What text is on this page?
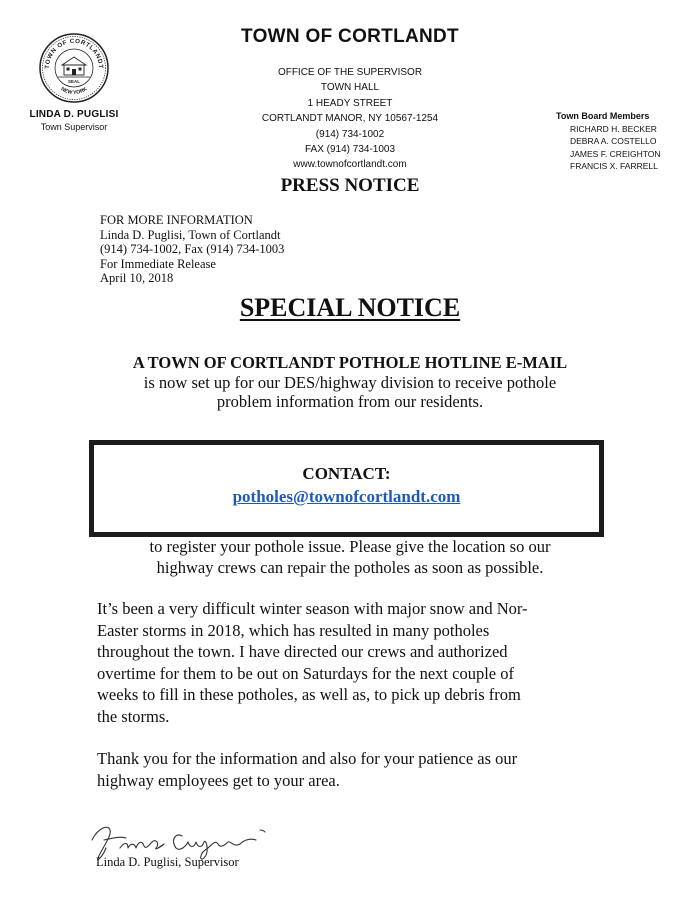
TOWN OF CORTLANDT
NEW YORK
SEAL
LINDA D. PUGLISI
Town Supervisor
TOWN OF CORTLANDT
OFFICE OF THE SUPERVISOR
TOWN HALL
1 HEADY STREET
CORTLANDT MANOR, NY 10567-1254
(914) 734-1002
FAX (914) 734-1003
www.townofcortlandt.com
Town Board Members
RICHARD H. BECKER
DEBRA A. COSTELLO
JAMES F. CREIGHTON
FRANCIS X. FARRELL
PRESS NOTICE
FOR MORE INFORMATION
Linda D. Puglisi, Town of Cortlandt
(914) 734-1002, Fax (914) 734-1003
For Immediate Release
April 10, 2018
SPECIAL NOTICE
A TOWN OF CORTLANDT POTHOLE HOTLINE E-MAIL
is now set up for our DES/highway division to receive pothole
problem information from our residents.
CONTACT:
potholes@townofcortlandt.com
to register your pothole issue. Please give the location so our
highway crews can repair the potholes as soon as possible.
It’s been a very difficult winter season with major snow and Nor-
Easter storms in 2018, which has resulted in many potholes
throughout the town. I have directed our crews and authorized
overtime for them to be out on Saturdays for the next couple of
weeks to fill in these potholes, as well as, to pick up debris from
the storms.
Thank you for the information and also for your patience as our
highway employees get to your area.
Linda D. Puglisi, Supervisor
